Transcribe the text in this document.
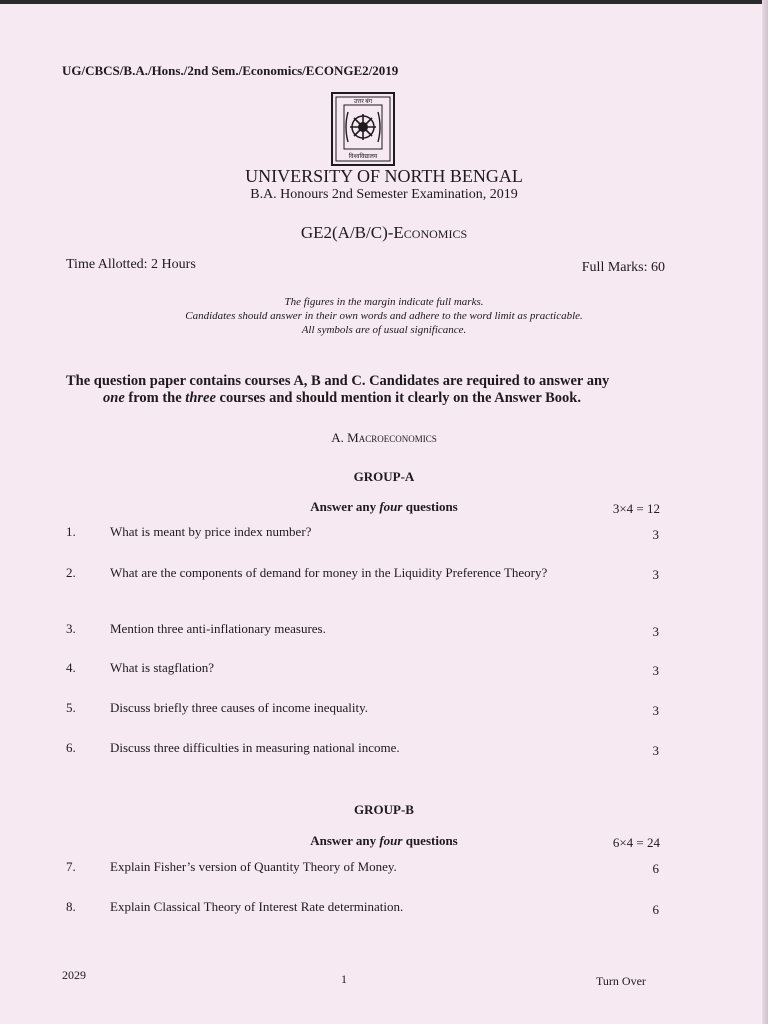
UG/CBCS/B.A./Hons./2nd Sem./Economics/ECONGE2/2019
उत्तर बंग
विश्वविद्यालय
UNIVERSITY OF NORTH BENGAL
B.A. Honours 2nd Semester Examination, 2019
GE2(A/B/C)-Economics
Time Allotted: 2 Hours	Full Marks: 60
The figures in the margin indicate full marks.
Candidates should answer in their own words and adhere to the word limit as practicable.
All symbols are of usual significance.
The question paper contains courses A, B and C. Candidates are required to answer any
one from the three courses and should mention it clearly on the Answer Book.
A. Macroeconomics
GROUP-A
Answer any four questions	3×4 = 12
1.	What is meant by price index number?	3
2.	What are the components of demand for money in the Liquidity Preference Theory?	3
3.	Mention three anti-inflationary measures.	3
4.	What is stagflation?	3
5.	Discuss briefly three causes of income inequality.	3
6.	Discuss three difficulties in measuring national income.	3
GROUP-B
Answer any four questions	6×4 = 24
7.	Explain Fisher’s version of Quantity Theory of Money.	6
8.	Explain Classical Theory of Interest Rate determination.	6
2029	1	Turn Over
